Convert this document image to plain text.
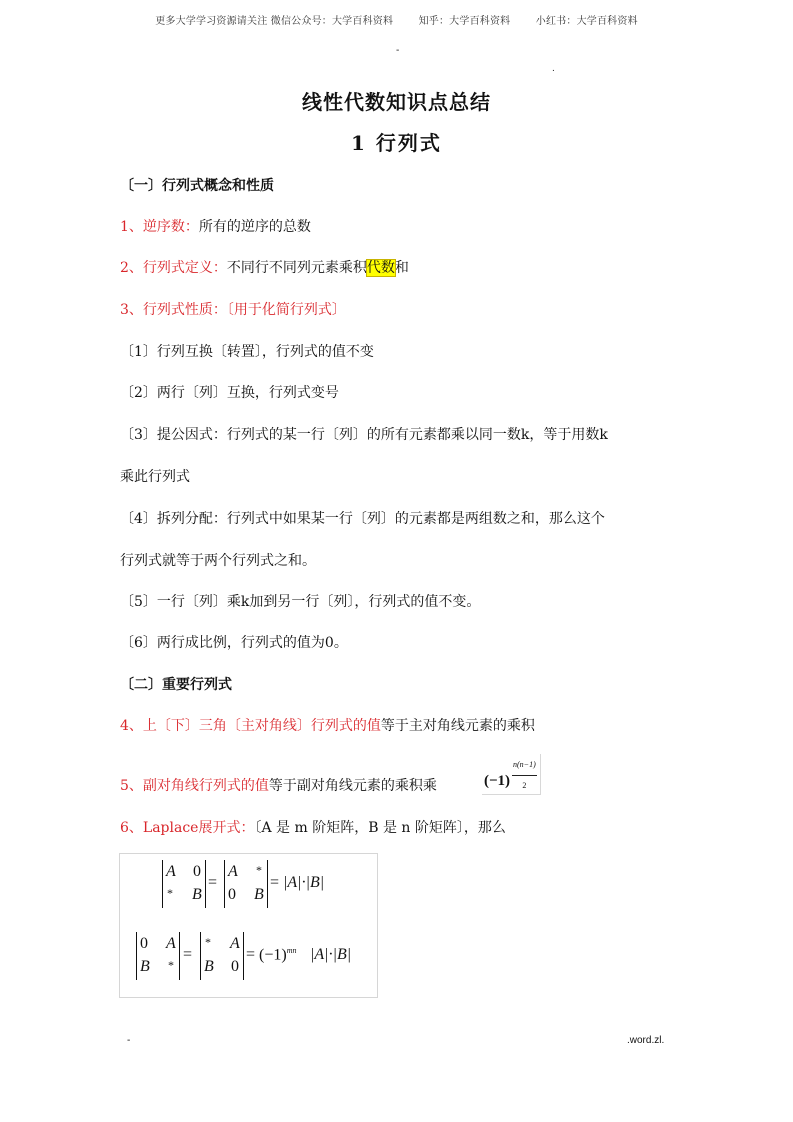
更多大学学习资源请关注 微信公众号：大学百科资料	知乎：大学百科资料	小红书：大学百科资料
-
.
线性代数知识点总结
1 行列式
〔一〕行列式概念和性质
1、逆序数：所有的逆序的总数
2、行列式定义：不同行不同列元素乘积代数和
3、行列式性质：〔用于化简行列式〕
〔1〕行列互换〔转置〕，行列式的值不变
〔2〕两行〔列〕互换，行列式变号
〔3〕提公因式：行列式的某一行〔列〕的所有元素都乘以同一数k，等于用数k
乘此行列式
〔4〕拆列分配：行列式中如果某一行〔列〕的元素都是两组数之和，那么这个
行列式就等于两个行列式之和。
〔5〕一行〔列〕乘k加到另一行〔列〕，行列式的值不变。
〔6〕两行成比例，行列式的值为0。
〔二〕重要行列式
4、上〔下〕三角〔主对角线〕行列式的值等于主对角线元素的乘积
5、副对角线行列式的值等于副对角线元素的乘积乘	$(-1) \frac{n(n-1)}{2}$
6、Laplace展开式：〔A 是 m 阶矩阵，B 是 n 阶矩阵〕，那么
A 0
* B
=
A *
0 B
= |A|·|B|
0 A
B *
=
* A
B 0
= $(-1)^{mn}$ |A|·|B|
-	.word.zl.
